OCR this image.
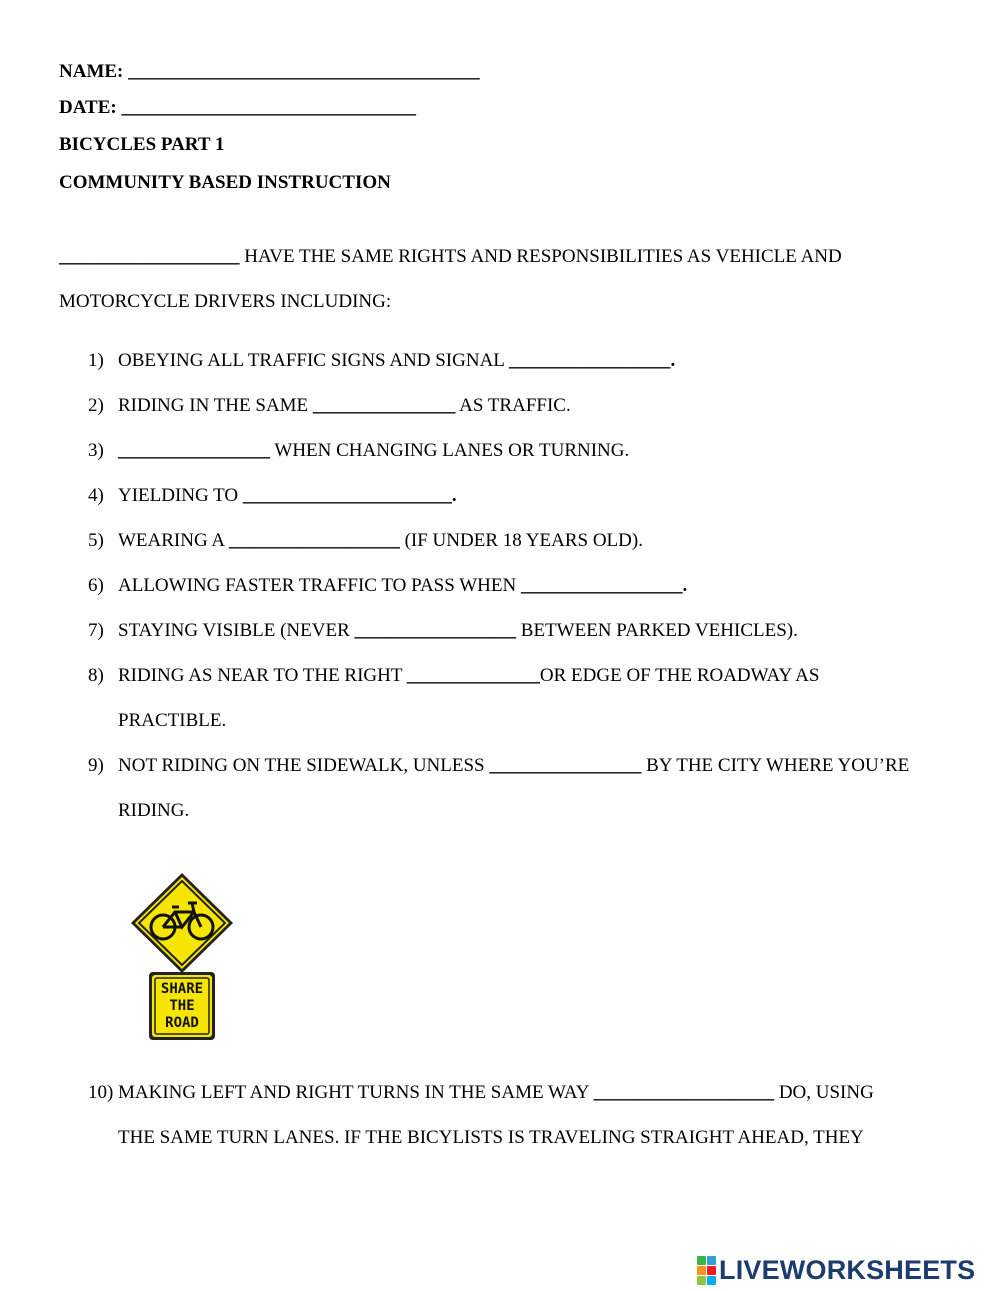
NAME: _____________________________________
DATE: _______________________________
BICYCLES PART 1
COMMUNITY BASED INSTRUCTION
___________________ HAVE THE SAME RIGHTS AND RESPONSIBILITIES AS VEHICLE AND
MOTORCYCLE DRIVERS INCLUDING:
1) OBEYING ALL TRAFFIC SIGNS AND SIGNAL _________________.
2) RIDING IN THE SAME _______________ AS TRAFFIC.
3) ________________ WHEN CHANGING LANES OR TURNING.
4) YIELDING TO ______________________.
5) WEARING A __________________ (IF UNDER 18 YEARS OLD).
6) ALLOWING FASTER TRAFFIC TO PASS WHEN _________________.
7) STAYING VISIBLE (NEVER _________________ BETWEEN PARKED VEHICLES).
8) RIDING AS NEAR TO THE RIGHT ______________OR EDGE OF THE ROADWAY AS
PRACTIBLE.
9) NOT RIDING ON THE SIDEWALK, UNLESS ________________ BY THE CITY WHERE YOU’RE
RIDING.
10) MAKING LEFT AND RIGHT TURNS IN THE SAME WAY ___________________ DO, USING
THE SAME TURN LANES. IF THE BICYLISTS IS TRAVELING STRAIGHT AHEAD, THEY
SHARE
THE
ROAD
LIVEWORKSHEETS
